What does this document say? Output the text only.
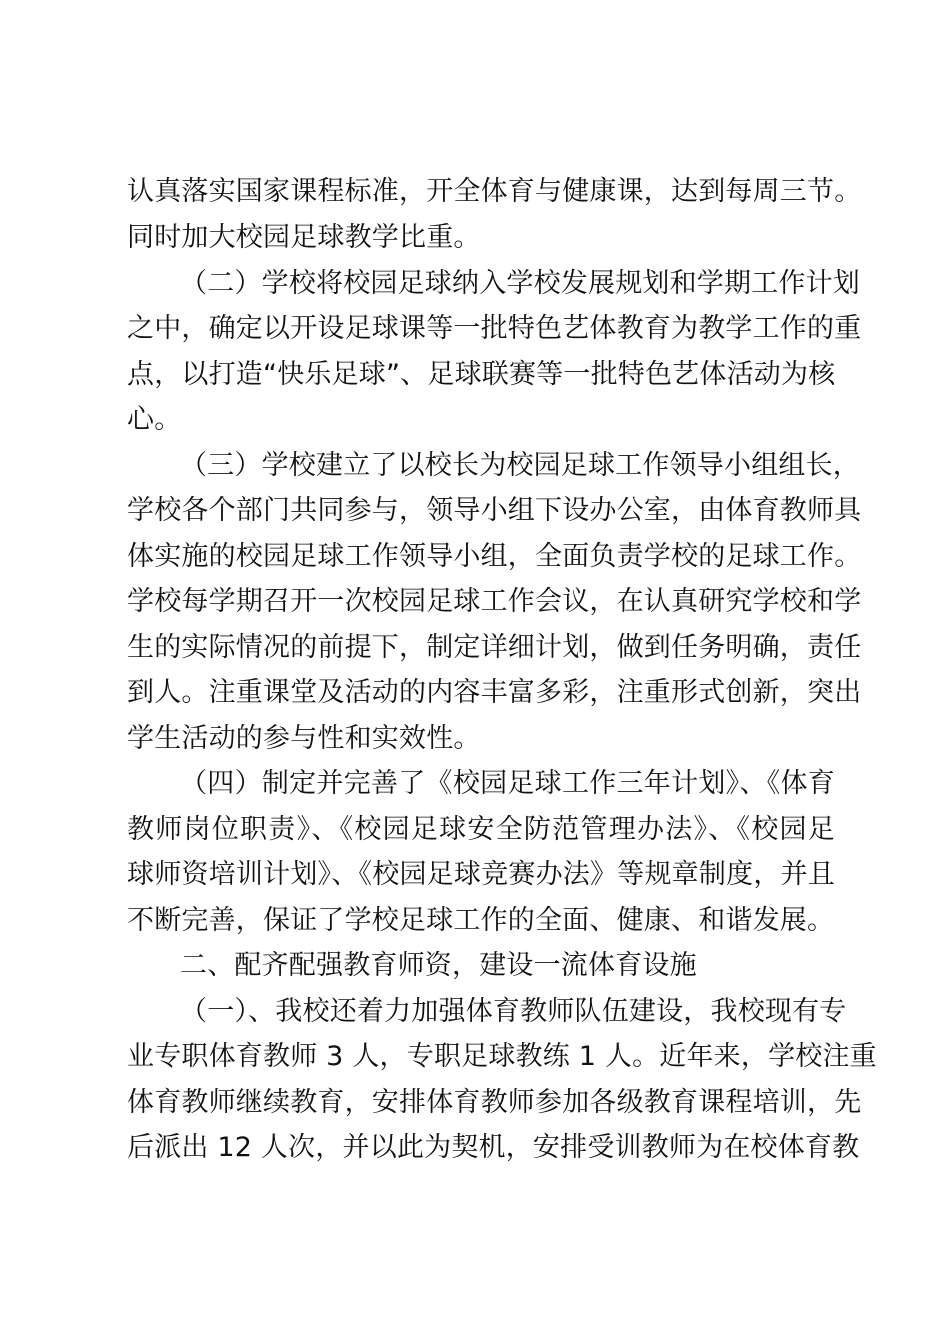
认真落实国家课程标准，开全体育与健康课，达到每周三节。
同时加大校园足球教学比重。
（二）学校将校园足球纳入学校发展规划和学期工作计划
之中，确定以开设足球课等一批特色艺体教育为教学工作的重
点，以打造“快乐足球”、足球联赛等一批特色艺体活动为核
心。
（三）学校建立了以校长为校园足球工作领导小组组长，
学校各个部门共同参与，领导小组下设办公室，由体育教师具
体实施的校园足球工作领导小组，全面负责学校的足球工作。
学校每学期召开一次校园足球工作会议，在认真研究学校和学
生的实际情况的前提下，制定详细计划，做到任务明确，责任
到人。注重课堂及活动的内容丰富多彩，注重形式创新，突出
学生活动的参与性和实效性。
（四）制定并完善了《校园足球工作三年计划》、《体育
教师岗位职责》、《校园足球安全防范管理办法》、《校园足
球师资培训计划》、《校园足球竞赛办法》等规章制度，并且
不断完善，保证了学校足球工作的全面、健康、和谐发展。
二、配齐配强教育师资，建设一流体育设施
（一）、我校还着力加强体育教师队伍建设，我校现有专
业专职体育教师 3 人，专职足球教练 1 人。近年来，学校注重
体育教师继续教育，安排体育教师参加各级教育课程培训，先
后派出 12 人次，并以此为契机，安排受训教师为在校体育教
